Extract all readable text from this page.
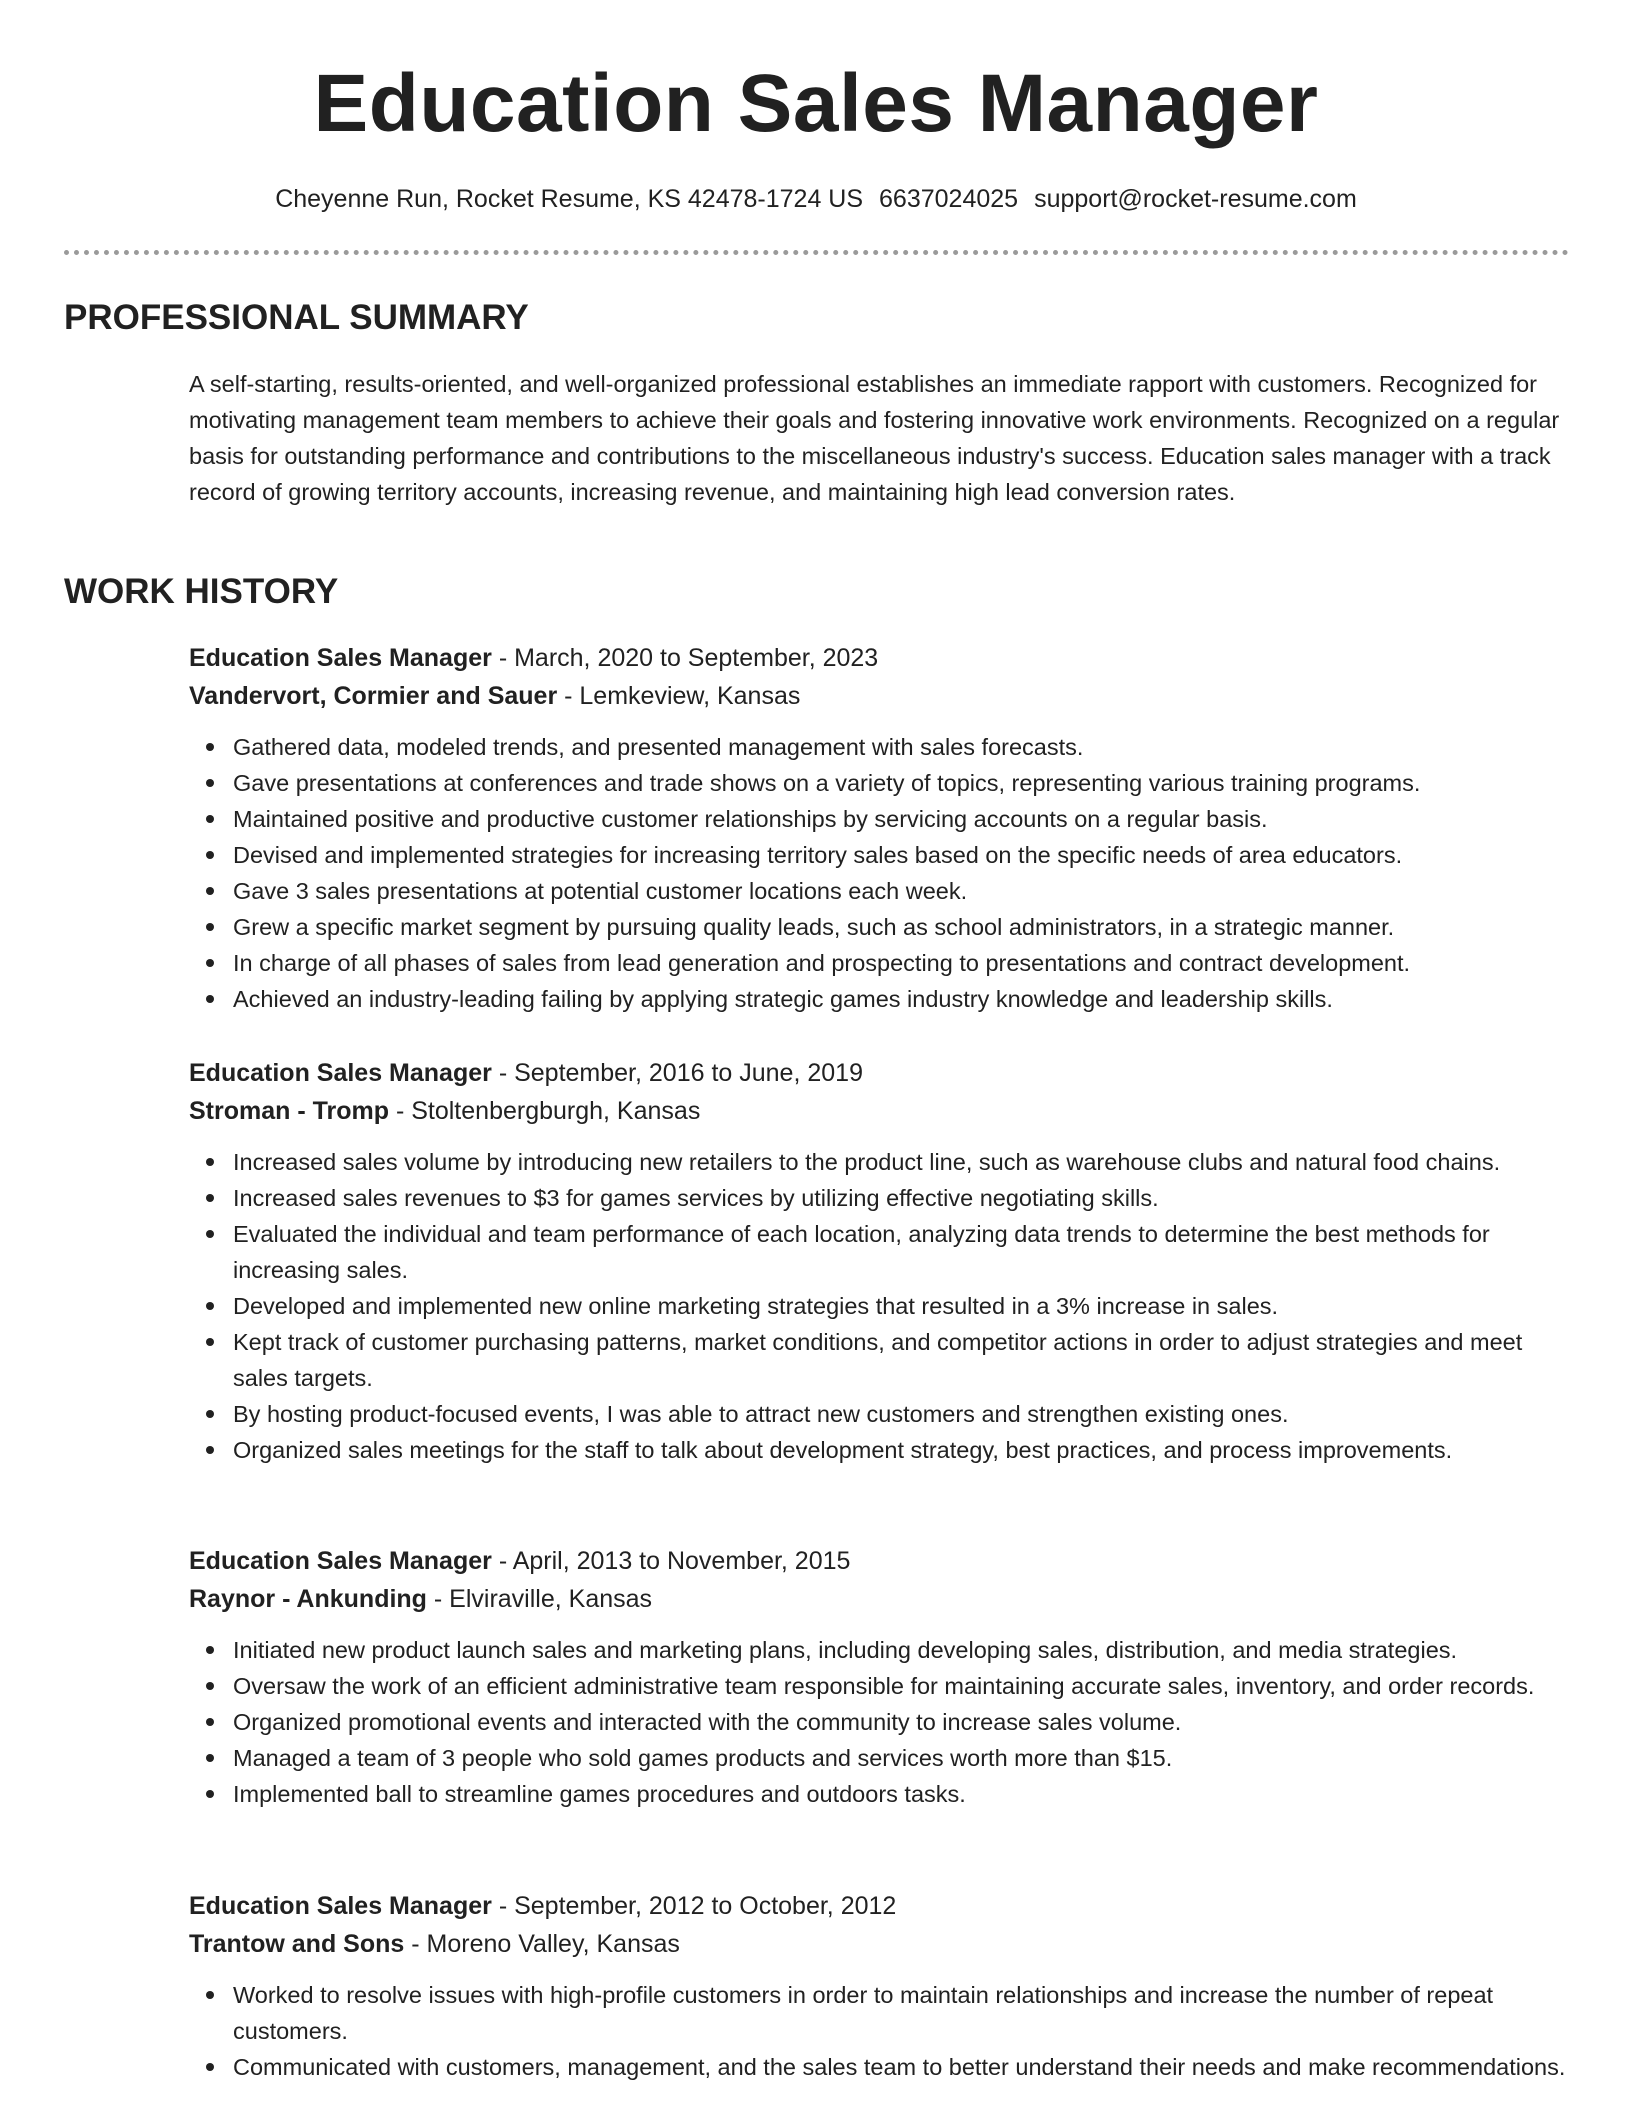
Education Sales Manager
Cheyenne Run, Rocket Resume, KS 42478-1724 US 6637024025 support@rocket-resume.com
PROFESSIONAL SUMMARY

A self-starting, results-oriented, and well-organized professional establishes an immediate rapport with customers. Recognized for motivating management team members to achieve their goals and fostering innovative work environments. Recognized on a regular basis for outstanding performance and contributions to the miscellaneous industry's success. Education sales manager with a track record of growing territory accounts, increasing revenue, and maintaining high lead conversion rates.

WORK HISTORY
Education Sales Manager - March, 2020 to September, 2023
Vandervort, Cormier and Sauer - Lemkeview, Kansas
Gathered data, modeled trends, and presented management with sales forecasts.
Gave presentations at conferences and trade shows on a variety of topics, representing various training programs.
Maintained positive and productive customer relationships by servicing accounts on a regular basis.
Devised and implemented strategies for increasing territory sales based on the specific needs of area educators.
Gave 3 sales presentations at potential customer locations each week.
Grew a specific market segment by pursuing quality leads, such as school administrators, in a strategic manner.
In charge of all phases of sales from lead generation and prospecting to presentations and contract development.
Achieved an industry-leading failing by applying strategic games industry knowledge and leadership skills.
Education Sales Manager - September, 2016 to June, 2019
Stroman - Tromp - Stoltenbergburgh, Kansas
Increased sales volume by introducing new retailers to the product line, such as warehouse clubs and natural food chains.
Increased sales revenues to $3 for games services by utilizing effective negotiating skills.
Evaluated the individual and team performance of each location, analyzing data trends to determine the best methods for increasing sales.
Developed and implemented new online marketing strategies that resulted in a 3% increase in sales.
Kept track of customer purchasing patterns, market conditions, and competitor actions in order to adjust strategies and meet sales targets.
By hosting product-focused events, I was able to attract new customers and strengthen existing ones.
Organized sales meetings for the staff to talk about development strategy, best practices, and process improvements.
Education Sales Manager - April, 2013 to November, 2015
Raynor - Ankunding - Elviraville, Kansas
Initiated new product launch sales and marketing plans, including developing sales, distribution, and media strategies.
Oversaw the work of an efficient administrative team responsible for maintaining accurate sales, inventory, and order records.
Organized promotional events and interacted with the community to increase sales volume.
Managed a team of 3 people who sold games products and services worth more than $15.
Implemented ball to streamline games procedures and outdoors tasks.
Education Sales Manager - September, 2012 to October, 2012
Trantow and Sons - Moreno Valley, Kansas
Worked to resolve issues with high-profile customers in order to maintain relationships and increase the number of repeat customers.
Communicated with customers, management, and the sales team to better understand their needs and make recommendations.
